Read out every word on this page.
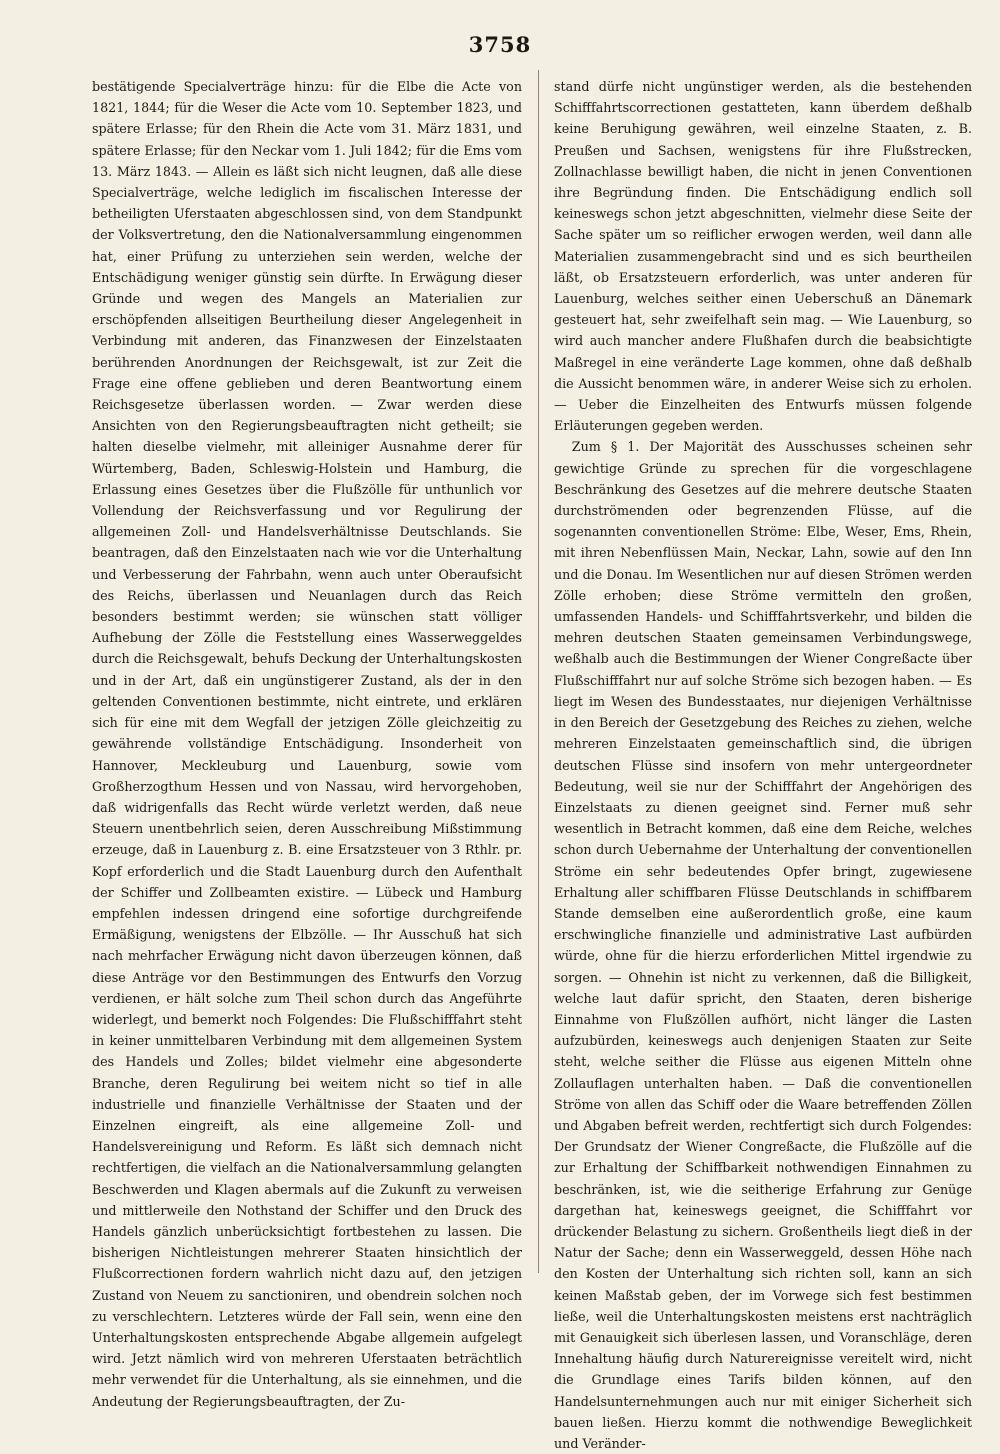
3758

bestätigende Specialverträge hinzu: für die Elbe die Acte von 1821, 1844; für die Weser die Acte vom 10. September 1823, und spätere Erlasse; für den Rhein die Acte vom 31. März 1831, und spätere Erlasse; für den Neckar vom 1. Juli 1842; für die Ems vom 13. März 1843. — Allein es läßt sich nicht leugnen, daß alle diese Specialverträge, welche lediglich im fiscalischen Interesse der betheiligten Uferstaaten abgeschlossen sind, von dem Standpunkt der Volksvertretung, den die Nationalversammlung eingenommen hat, einer Prüfung zu unterziehen sein werden, welche der Entschädigung weniger günstig sein dürfte. In Erwägung dieser Gründe und wegen des Mangels an Materialien zur erschöpfenden allseitigen Beurtheilung dieser Angelegenheit in Verbindung mit anderen, das Finanzwesen der Einzelstaaten berührenden Anordnungen der Reichsgewalt, ist zur Zeit die Frage eine offene geblieben und deren Beantwortung einem Reichsgesetze überlassen worden. — Zwar werden diese Ansichten von den Regierungsbeauftragten nicht getheilt; sie halten dieselbe vielmehr, mit alleiniger Ausnahme derer für Würtemberg, Baden, Schleswig-Holstein und Hamburg, die Erlassung eines Gesetzes über die Flußzölle für unthunlich vor Vollendung der Reichsverfassung und vor Regulirung der allgemeinen Zoll- und Handelsverhältnisse Deutschlands. Sie beantragen, daß den Einzelstaaten nach wie vor die Unterhaltung und Verbesserung der Fahrbahn, wenn auch unter Oberaufsicht des Reichs, überlassen und Neuanlagen durch das Reich besonders bestimmt werden; sie wünschen statt völliger Aufhebung der Zölle die Feststellung eines Wasserweggeldes durch die Reichsgewalt, behufs Deckung der Unterhaltungskosten und in der Art, daß ein ungünstigerer Zustand, als der in den geltenden Conventionen bestimmte, nicht eintrete, und erklären sich für eine mit dem Wegfall der jetzigen Zölle gleichzeitig zu gewährende vollständige Entschädigung. Insonderheit von Hannover, Meckleuburg und Lauenburg, sowie vom Großherzogthum Hessen und von Nassau, wird hervorgehoben, daß widrigenfalls das Recht würde verletzt werden, daß neue Steuern unentbehrlich seien, deren Ausschreibung Mißstimmung erzeuge, daß in Lauenburg z. B. eine Ersatzsteuer von 3 Rthlr. pr. Kopf erforderlich und die Stadt Lauenburg durch den Aufenthalt der Schiffer und Zollbeamten existire. — Lübeck und Hamburg empfehlen indessen dringend eine sofortige durchgreifende Ermäßigung, wenigstens der Elbzölle. — Ihr Ausschuß hat sich nach mehrfacher Erwägung nicht davon überzeugen können, daß diese Anträge vor den Bestimmungen des Entwurfs den Vorzug verdienen, er hält solche zum Theil schon durch das Angeführte widerlegt, und bemerkt noch Folgendes: Die Flußschifffahrt steht in keiner unmittelbaren Verbindung mit dem allgemeinen System des Handels und Zolles; bildet vielmehr eine abgesonderte Branche, deren Regulirung bei weitem nicht so tief in alle industrielle und finanzielle Verhältnisse der Staaten und der Einzelnen eingreift, als eine allgemeine Zoll- und Handelsvereinigung und Reform. Es läßt sich demnach nicht rechtfertigen, die vielfach an die Nationalversammlung gelangten Beschwerden und Klagen abermals auf die Zukunft zu verweisen und mittlerweile den Nothstand der Schiffer und den Druck des Handels gänzlich unberücksichtigt fortbestehen zu lassen. Die bisherigen Nichtleistungen mehrerer Staaten hinsichtlich der Flußcorrectionen fordern wahrlich nicht dazu auf, den jetzigen Zustand von Neuem zu sanctioniren, und obendrein solchen noch zu verschlechtern. Letzteres würde der Fall sein, wenn eine den Unterhaltungskosten entsprechende Abgabe allgemein aufgelegt wird. Jetzt nämlich wird von mehreren Uferstaaten beträchtlich mehr verwendet für die Unterhaltung, als sie einnehmen, und die Andeutung der Regierungsbeauftragten, der Zu-

stand dürfe nicht ungünstiger werden, als die bestehenden Schifffahrtscorrectionen gestatteten, kann überdem deßhalb keine Beruhigung gewähren, weil einzelne Staaten, z. B. Preußen und Sachsen, wenigstens für ihre Flußstrecken, Zollnachlasse bewilligt haben, die nicht in jenen Conventionen ihre Begründung finden. Die Entschädigung endlich soll keineswegs schon jetzt abgeschnitten, vielmehr diese Seite der Sache später um so reiflicher erwogen werden, weil dann alle Materialien zusammengebracht sind und es sich beurtheilen läßt, ob Ersatzsteuern erforderlich, was unter anderen für Lauenburg, welches seither einen Ueberschuß an Dänemark gesteuert hat, sehr zweifelhaft sein mag. — Wie Lauenburg, so wird auch mancher andere Flußhafen durch die beabsichtigte Maßregel in eine veränderte Lage kommen, ohne daß deßhalb die Aussicht benommen wäre, in anderer Weise sich zu erholen. — Ueber die Einzelheiten des Entwurfs müssen folgende Erläuterungen gegeben werden.

Zum § 1. Der Majorität des Ausschusses scheinen sehr gewichtige Gründe zu sprechen für die vorgeschlagene Beschränkung des Gesetzes auf die mehrere deutsche Staaten durchströmenden oder begrenzenden Flüsse, auf die sogenannten conventionellen Ströme: Elbe, Weser, Ems, Rhein, mit ihren Nebenflüssen Main, Neckar, Lahn, sowie auf den Inn und die Donau. Im Wesentlichen nur auf diesen Strömen werden Zölle erhoben; diese Ströme vermitteln den großen, umfassenden Handels- und Schifffahrtsverkehr, und bilden die mehren deutschen Staaten gemeinsamen Verbindungswege, weßhalb auch die Bestimmungen der Wiener Congreßacte über Flußschifffahrt nur auf solche Ströme sich bezogen haben. — Es liegt im Wesen des Bundesstaates, nur diejenigen Verhältnisse in den Bereich der Gesetzgebung des Reiches zu ziehen, welche mehreren Einzelstaaten gemeinschaftlich sind, die übrigen deutschen Flüsse sind insofern von mehr untergeordneter Bedeutung, weil sie nur der Schifffahrt der Angehörigen des Einzelstaats zu dienen geeignet sind. Ferner muß sehr wesentlich in Betracht kommen, daß eine dem Reiche, welches schon durch Uebernahme der Unterhaltung der conventionellen Ströme ein sehr bedeutendes Opfer bringt, zugewiesene Erhaltung aller schiffbaren Flüsse Deutschlands in schiffbarem Stande demselben eine außerordentlich große, eine kaum erschwingliche finanzielle und administrative Last aufbürden würde, ohne für die hierzu erforderlichen Mittel irgendwie zu sorgen. — Ohnehin ist nicht zu verkennen, daß die Billigkeit, welche laut dafür spricht, den Staaten, deren bisherige Einnahme von Flußzöllen aufhört, nicht länger die Lasten aufzubürden, keineswegs auch denjenigen Staaten zur Seite steht, welche seither die Flüsse aus eigenen Mitteln ohne Zollauflagen unterhalten haben. — Daß die conventionellen Ströme von allen das Schiff oder die Waare betreffenden Zöllen und Abgaben befreit werden, rechtfertigt sich durch Folgendes: Der Grundsatz der Wiener Congreßacte, die Flußzölle auf die zur Erhaltung der Schiffbarkeit nothwendigen Einnahmen zu beschränken, ist, wie die seitherige Erfahrung zur Genüge dargethan hat, keineswegs geeignet, die Schifffahrt vor drückender Belastung zu sichern. Großentheils liegt dieß in der Natur der Sache; denn ein Wasserweggeld, dessen Höhe nach den Kosten der Unterhaltung sich richten soll, kann an sich keinen Maßstab geben, der im Vorwege sich fest bestimmen ließe, weil die Unterhaltungskosten meistens erst nachträglich mit Genauigkeit sich überlesen lassen, und Voranschläge, deren Innehaltung häufig durch Naturereignisse vereitelt wird, nicht die Grundlage eines Tarifs bilden können, auf den Handelsunternehmungen auch nur mit einiger Sicherheit sich bauen ließen. Hierzu kommt die nothwendige Beweglichkeit und Veränder-
